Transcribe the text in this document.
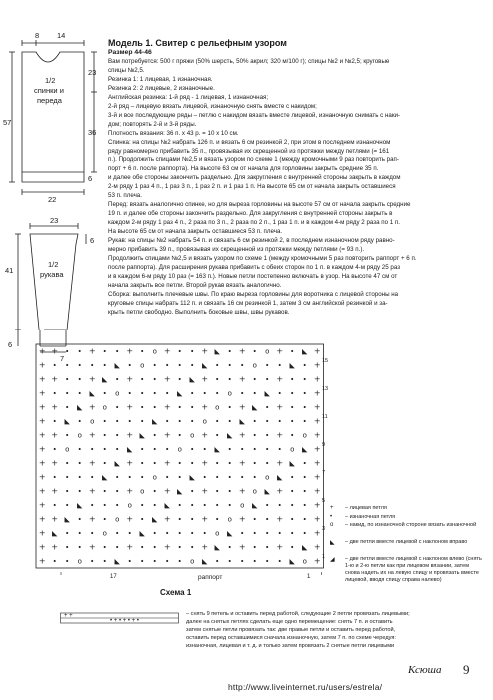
8 14
23
1/2
спинки и
переда
57
36
6
22
23
6
1/2
рукава
41
6
7
Модель 1. Свитер с рельефным узором
Размер 44-46
Вам потребуется: 500 г пряжи (50% шерсть, 50% акрил; 320 м/100 г); спицы №2 и №2,5; круговые
спицы №2,5.
Резинка 1: 1 лицевая, 1 изнаночная.
Резинка 2: 2 лицевые, 2 изнаночные.
Английская резинка: 1-й ряд - 1 лицевая, 1 изнаночная;
2-й ряд – лицевую вязать лицевой, изнаночную снять вместе с накидом;
3-й и все последующие ряды – петлю с накидом вязать вместе лицевой, изнаночную снимать с наки-
дом; повторять 2-й и 3-й ряды.
Плотность вязания: 36 п. х 43 р. = 10 х 10 см.
Спинка: на спицы №2 набрать 126 п. и вязать 6 см резинкой 2, при этом в последнем изнаночном
ряду равномерно прибавить 35 п., провязывая их скрещенной из протяжки между петлями (= 161
п.). Продолжить спицами №2,5 и вязать узором по схеме 1 (между кромочными 9 раз повторить рап-
порт + 6 п. после раппорта). На высоте 63 см от начала для горловины закрыть средние 35 п.
и далее обе стороны закончить раздельно. Для закругления с внутренней стороны закрыть в каждом
2-м ряду 1 раз 4 п., 1 раз 3 п., 1 раз 2 п. и 1 раз 1 п. На высоте 65 см от начала закрыть оставшиеся
53 п. плеча.
Перед: вязать аналогично спинке, но для выреза горловины на высоте 57 см от начала закрыть средние
19 п. и далее обе стороны закончить раздельно. Для закругления с внутренней стороны закрыть в
каждом 2-м ряду 1 раз 4 п., 2 раза по 3 п., 2 раза по 2 п., 1 раз 1 п. и в каждом 4-м ряду 2 раза по 1 п.
На высоте 65 см от начала закрыть оставшиеся 53 п. плеча.
Рукав: на спицы №2 набрать 54 п. и связать 6 см резинкой 2, в последнем изнаночном ряду равно-
мерно прибавить 39 п., провязывая их скрещенной из протяжки между петлями (= 93 п.).
Продолжить спицами №2,5 и вязать узором по схеме 1 (между кромочными 5 раз повторить раппорт + 6 п.
после раппорта). Для расширения рукава прибавить с обеих сторон по 1 п. в каждом 4-м ряду 25 раз
и в каждом 6-м ряду 10 раз (= 163 п.). Новые петли постепенно включать в узор. На высоте 47 см от
начала закрыть все петли. Второй рукав вязать аналогично.
Сборка: выполнить плечевые швы. По краю выреза горловины для воротника с лицевой стороны на
круговые спицы набрать 112 п. и связать 16 см резинкой 1, затем 3 см английской резинкой и за-
крыть петли свободно. Выполнить боковые швы, швы рукавов.
+ + • • + • • + • o + • • + ◣ • + • o + • ◣ +
+ • • • • • ◣ • o • • • • ◣ • • • o • • ◣ • +
+ + • • + ◣ • + • • + • ◣ + • • + • • + • • +
+ • • • ◣ • o • • • • ◣ • • • o • • ◣ • • • +
+ + • ◣ + o • + • • + • • + o • + ◣ • + • • +
+ • ◣ • o • • • • ◣ • • • o • • ◣ • • • • • +
+ + • o + • • + ◣ • + • o + • ◣ + • • + • o +
+ • o • • • • ◣ • • • o • • ◣ • • • • • o ◣ +
+ + • • + • ◣ + • • + • • + • • + • • + ◣ • +
+ • • • • ◣ • • • o • • ◣ • • • • • o ◣ • • +
+ + • • + • • + o • + ◣ • + • • + o ◣ + • • +
+ • • ◣ • • • o • • ◣ • • • • • o ◣ • • • • +
+ + ◣ • + • o + • ◣ + • • + • o + • • + • • +
+ ◣ • • • o • • ◣ • • • • • o ◣ • • • • • • +
+ + • • + • • + • • + • • + ◣ • + • • + • ◣ +
+ • • o • • ◣ • • • • • o ◣ • • • • • • ◣ o +
17	1
раппорт
Схема 1
15
13
11
9
7
5
3
1
+ – лицевая петля
• – изнаночная петля
o – накид, по изнаночной стороне вязать изнаночной
◣ – две петли вместе лицевой с наклоном вправо
◢ – две петли вместе лицевой с наклоном влево (снять 1-ю и 2-ю петли как при лицевом вязании, затем снова надеть их на левую спицу и провязать вместе лицевой, вводя спицу справа налево)
+ +
• + • + • + •
– снять 9 петель и оставить перед работой, следующие 2 петли провязать лицевыми;
далее на снятых петлях сделать еще одно перемещение: снять 7 п. и оставить
затем снятые петли провязать так: две правые петли и оставить перед работой,
оставить перед оставшимися сначала изнаночную, затем 7 п. по схеме чередуя:
изнаночная, лицевая и т. д. и только затем провязать 2 снятые петли лицевыми
Ксюша 9
http://www.liveinternet.ru/users/estrela/
